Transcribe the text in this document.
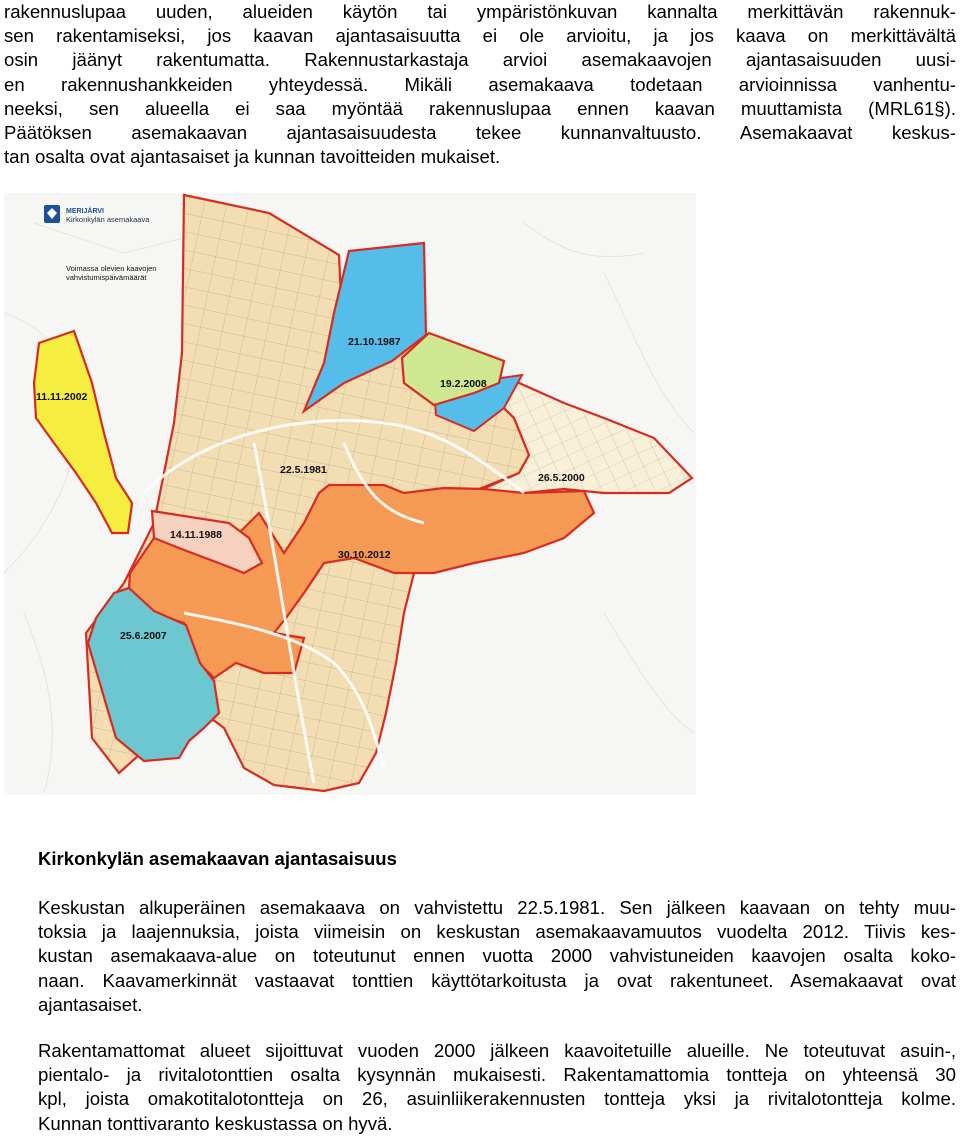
rakennuslupaa uuden, alueiden käytön tai ympäristönkuvan kannalta merkittävän rakennuk-
sen rakentamiseksi, jos kaavan ajantasaisuutta ei ole arvioitu, ja jos kaava on merkittävältä
osin jäänyt rakentumatta. Rakennustarkastaja arvioi asemakaavojen ajantasaisuuden uusi-
en rakennushankkeiden yhteydessä. Mikäli asemakaava todetaan arvioinnissa vanhentu-
neeksi, sen alueella ei saa myöntää rakennuslupaa ennen kaavan muuttamista (MRL61§).
Päätöksen asemakaavan ajantasaisuudesta tekee kunnanvaltuusto. Asemakaavat keskus-
tan osalta ovat ajantasaiset ja kunnan tavoitteiden mukaiset.
MERIJÄRVI
Kirkonkylän asemakaava
Voimassa olevien kaavojen
vahvistumispäivämäärät
21.10.1987
19.2.2008
11.11.2002
22.5.1981
26.5.2000
14.11.1988
30.10.2012
25.6.2007
Kirkonkylän asemakaavan ajantasaisuus
Keskustan alkuperäinen asemakaava on vahvistettu 22.5.1981. Sen jälkeen kaavaan on tehty muu-
toksia ja laajennuksia, joista viimeisin on keskustan asemakaavamuutos vuodelta 2012. Tiivis kes-
kustan asemakaava-alue on toteutunut ennen vuotta 2000 vahvistuneiden kaavojen osalta koko-
naan. Kaavamerkinnät vastaavat tonttien käyttötarkoitusta ja ovat rakentuneet. Asemakaavat ovat
ajantasaiset.
Rakentamattomat alueet sijoittuvat vuoden 2000 jälkeen kaavoitetuille alueille. Ne toteutuvat asuin-,
pientalo- ja rivitalotonttien osalta kysynnän mukaisesti. Rakentamattomia tontteja on yhteensä 30
kpl, joista omakotitalotontteja on 26, asuinliikerakennusten tontteja yksi ja rivitalotontteja kolme.
Kunnan tonttivaranto keskustassa on hyvä.
